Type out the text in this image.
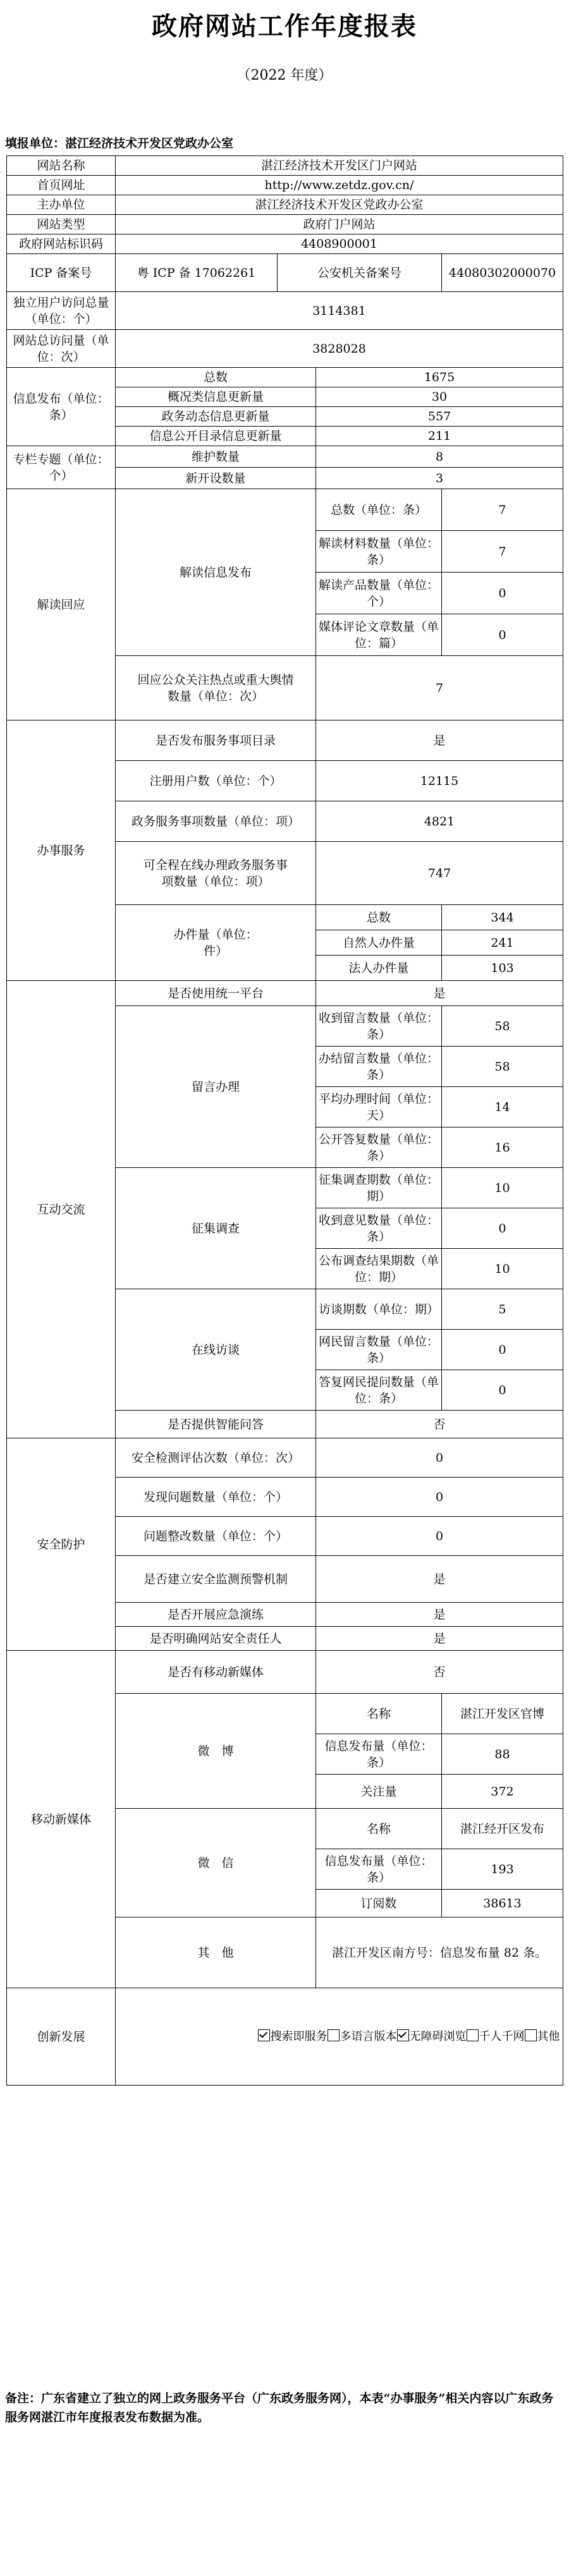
政府网站工作年度报表
（2022 年度）
填报单位：湛江经济技术开发区党政办公室
网站名称	湛江经济技术开发区门户网站			
首页网址	http://www.zetdz.gov.cn/			
主办单位	湛江经济技术开发区党政办公室			
网站类型	政府门户网站			
政府网站标识码	4408900001			
ICP 备案号	粤 ICP 备 17062261	公安机关备案号		44080302000070
独立用户访问总量（单位：个）	3114381			
网站总访问量（单位：次）	3828028			
信息发布（单位：条）	总数		1675	
	概况类信息更新量		30	
	政务动态信息更新量		557	
	信息公开目录信息更新量		211	
专栏专题（单位：个）	维护数量		8	
	新开设数量		3	
解读回应	解读信息发布		总数（单位：条）	7
			解读材料数量（单位：条）	7
			解读产品数量（单位：个）	0
			媒体评论文章数量（单位：篇）	0
	回应公众关注热点或重大舆情数量（单位：次）		7	
办事服务	是否发布服务事项目录		是	
	注册用户数（单位：个）		12115	
	政务服务事项数量（单位：项）		4821	
	可全程在线办理政务服务事项数量（单位：项）		747	
	办件量（单位：件）		总数	344
			自然人办件量	241
			法人办件量	103
互动交流	是否使用统一平台		是	
	留言办理		收到留言数量（单位：条）	58
			办结留言数量（单位：条）	58
			平均办理时间（单位：天）	14
			公开答复数量（单位：条）	16
	征集调查		征集调查期数（单位：期）	10
			收到意见数量（单位：条）	0
			公布调查结果期数（单位：期）	10
	在线访谈		访谈期数（单位：期）	5
			网民留言数量（单位：条）	0
			答复网民提问数量（单位：条）	0
	是否提供智能问答		否	

安全防护	安全检测评估次数（单位：次）		0	
	发现问题数量（单位：个）		0	
	问题整改数量（单位：个）		0	
	是否建立安全监测预警机制		是	
	是否开展应急演练		是	
	是否明确网站安全责任人		是	
移动新媒体	是否有移动新媒体		否	
	微　博		名称	湛江开发区官博
			信息发布量（单位：条）	88
			关注量	372
	微　信		名称	湛江经开区发布
			信息发布量（单位：条）	193
			订阅数	38613
	其　他		湛江开发区南方号：信息发布量 82 条。	
创新发展	搜索即服务 多语言版本 无障碍浏览 千人千网 其他			
备注：广东省建立了独立的网上政务服务平台（广东政务服务网），本表“办事服务”相关内容以广东政务服务网湛江市年度报表发布数据为准。
